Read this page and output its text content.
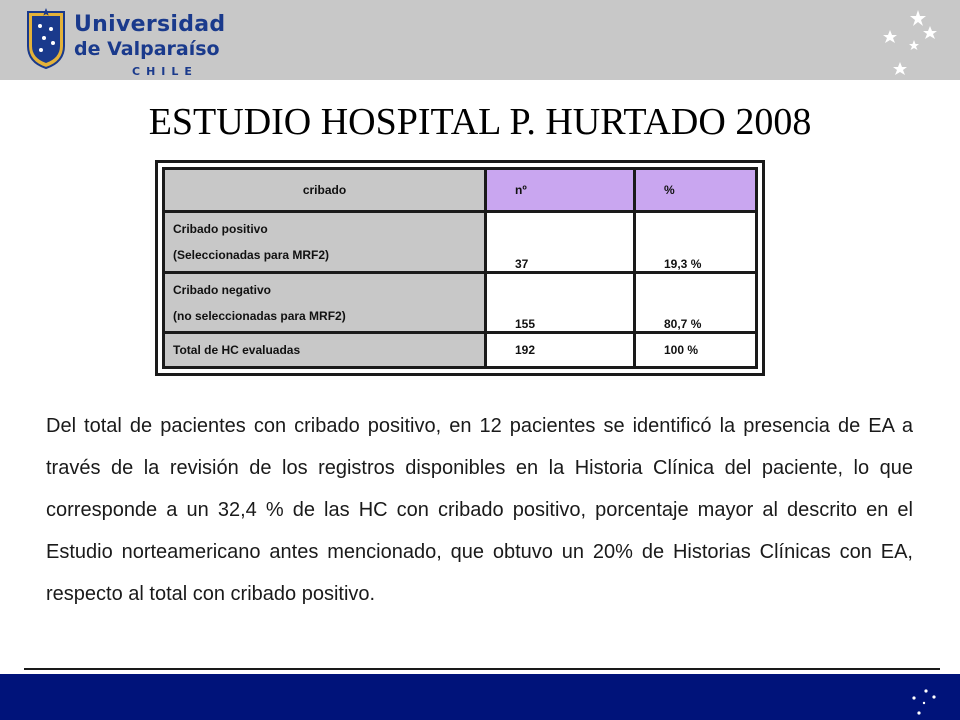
Universidad
de Valparaíso
CHILE
ESTUDIO HOSPITAL P. HURTADO 2008
cribado	nº	%

Cribado positivo
(Seleccionadas para MRF2)	37	19,3 %

Cribado negativo
(no seleccionadas para MRF2)	155	80,7 %
Total de HC evaluadas	192	100 %
Del total de pacientes con cribado positivo, en 12 pacientes se identificó la presencia de EA a través de la revisión de los registros disponibles en la Historia Clínica del paciente, lo que corresponde a un 32,4 % de las HC con cribado positivo, porcentaje mayor al descrito en el Estudio norteamericano antes mencionado, que obtuvo un 20% de Historias Clínicas con EA, respecto al total con cribado positivo.
